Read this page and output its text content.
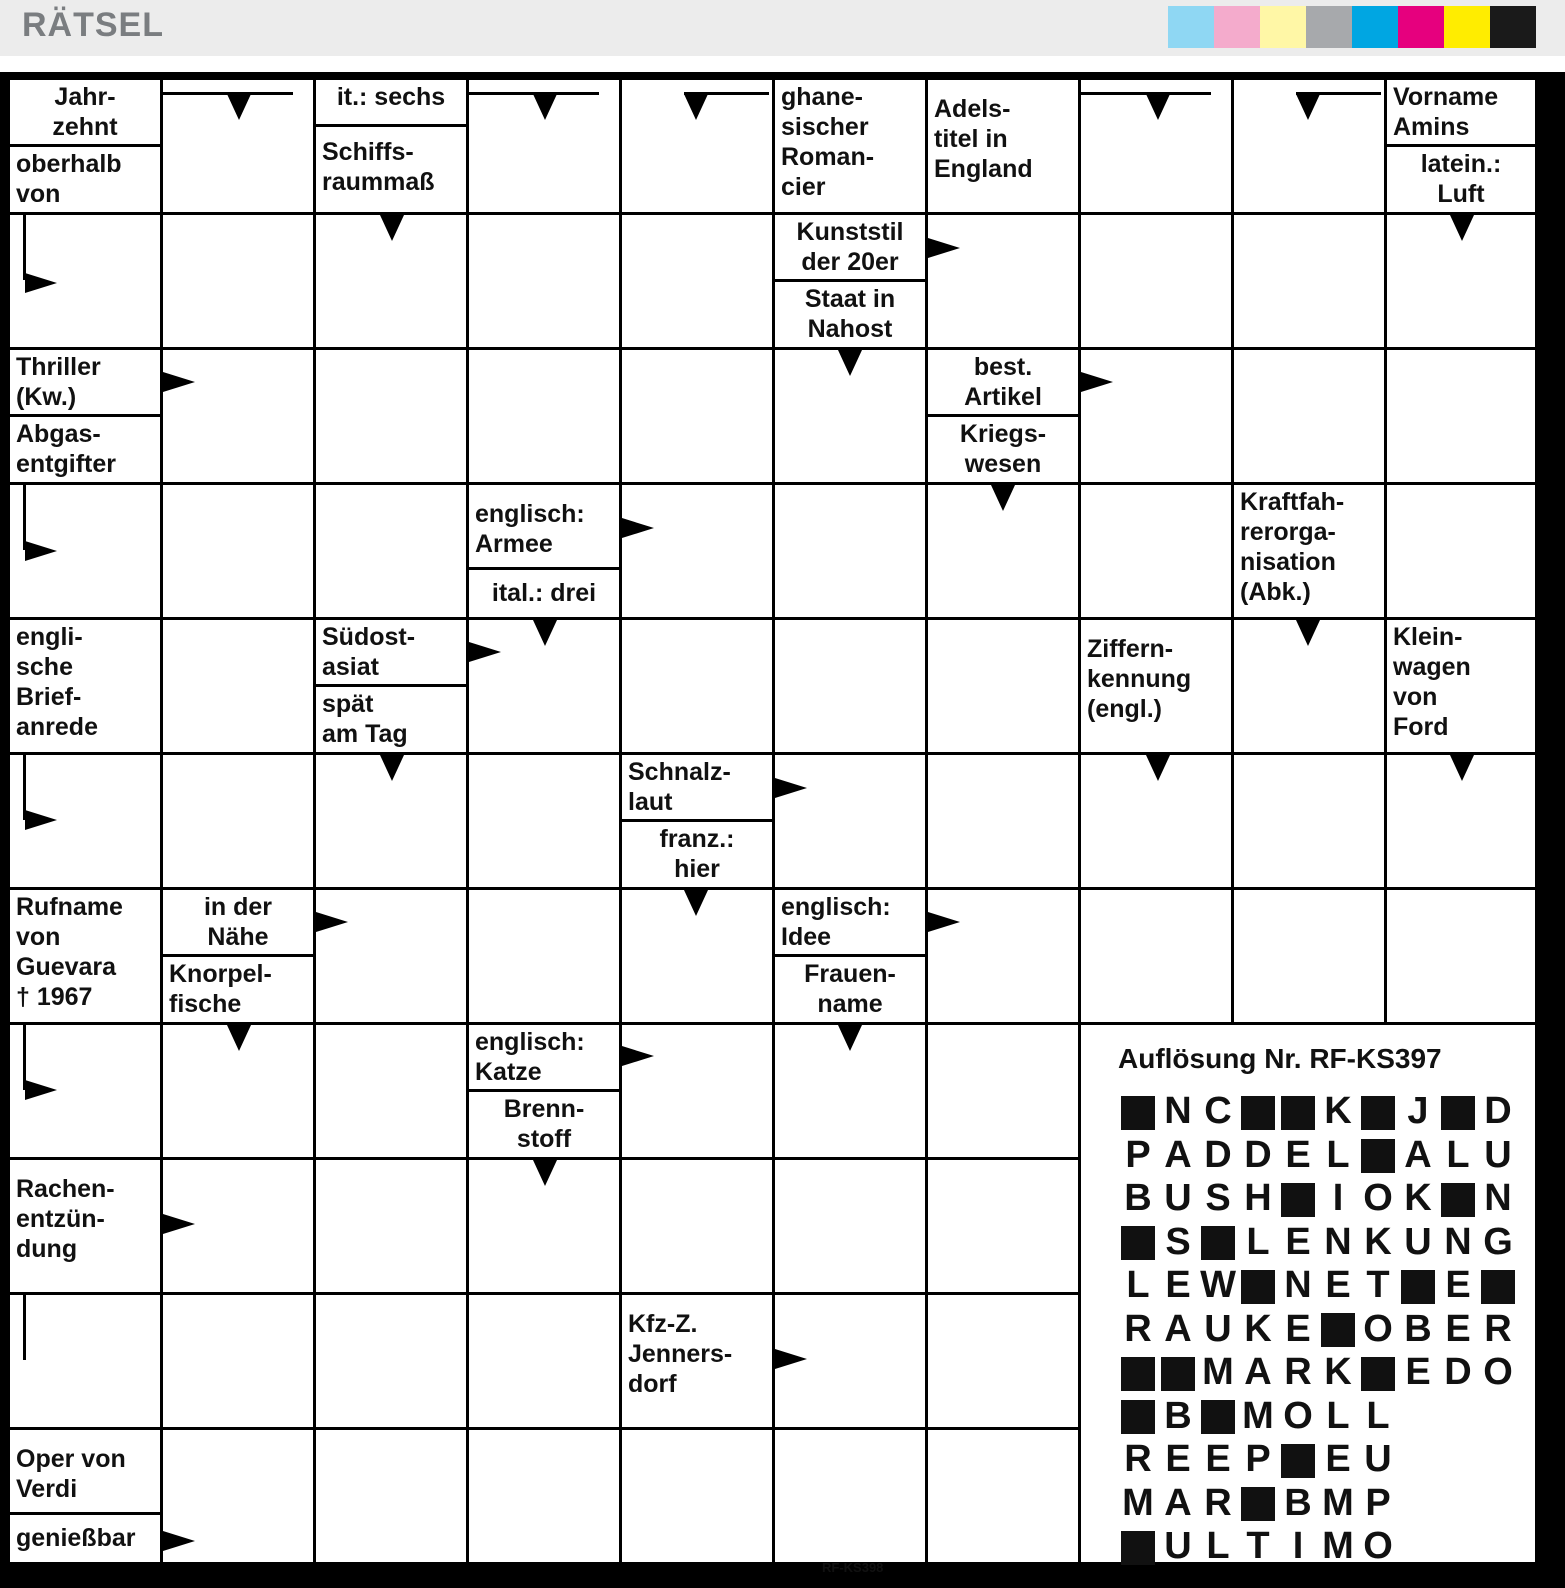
RÄTSEL
Jahr-
zehnt
oberhalb
von
it.: sechs
Schiffs-
raummaß
ghane-
sischer
Roman-
cier
Adels-
titel in
England
Vorname
Amins
latein.:
Luft
Kunststil
der 20er
Staat in
Nahost
Thriller
(Kw.)
Abgas-
entgifter
best.
Artikel
Kriegs-
wesen
englisch:
Armee
ital.: drei
Kraftfah-
rerorga-
nisation
(Abk.)
engli-
sche
Brief-
anrede
Südost-
asiat
spät
am Tag
Ziffern-
kennung
(engl.)
Klein-
wagen
von
Ford
Schnalz-
laut
franz.:
hier
Rufname
von
Guevara
† 1967
in der
Nähe
Knorpel-
fische
englisch:
Idee
Frauen-
name
englisch:
Katze
Brenn-
stoff
Rachen-
entzün-
dung
Kfz-Z.
Jenners-
dorf
Oper von
Verdi
genießbar
Auflösung Nr. RF-KS397
N C K J D
P A D D E L A L U
B U S H I O K N
S L E N K U N G
L E W N E T E
R A U K E O B E R
M A R K E D O
B M O L L
R E E P E U
M A R B M P
U L T I M O
RF-KS398
